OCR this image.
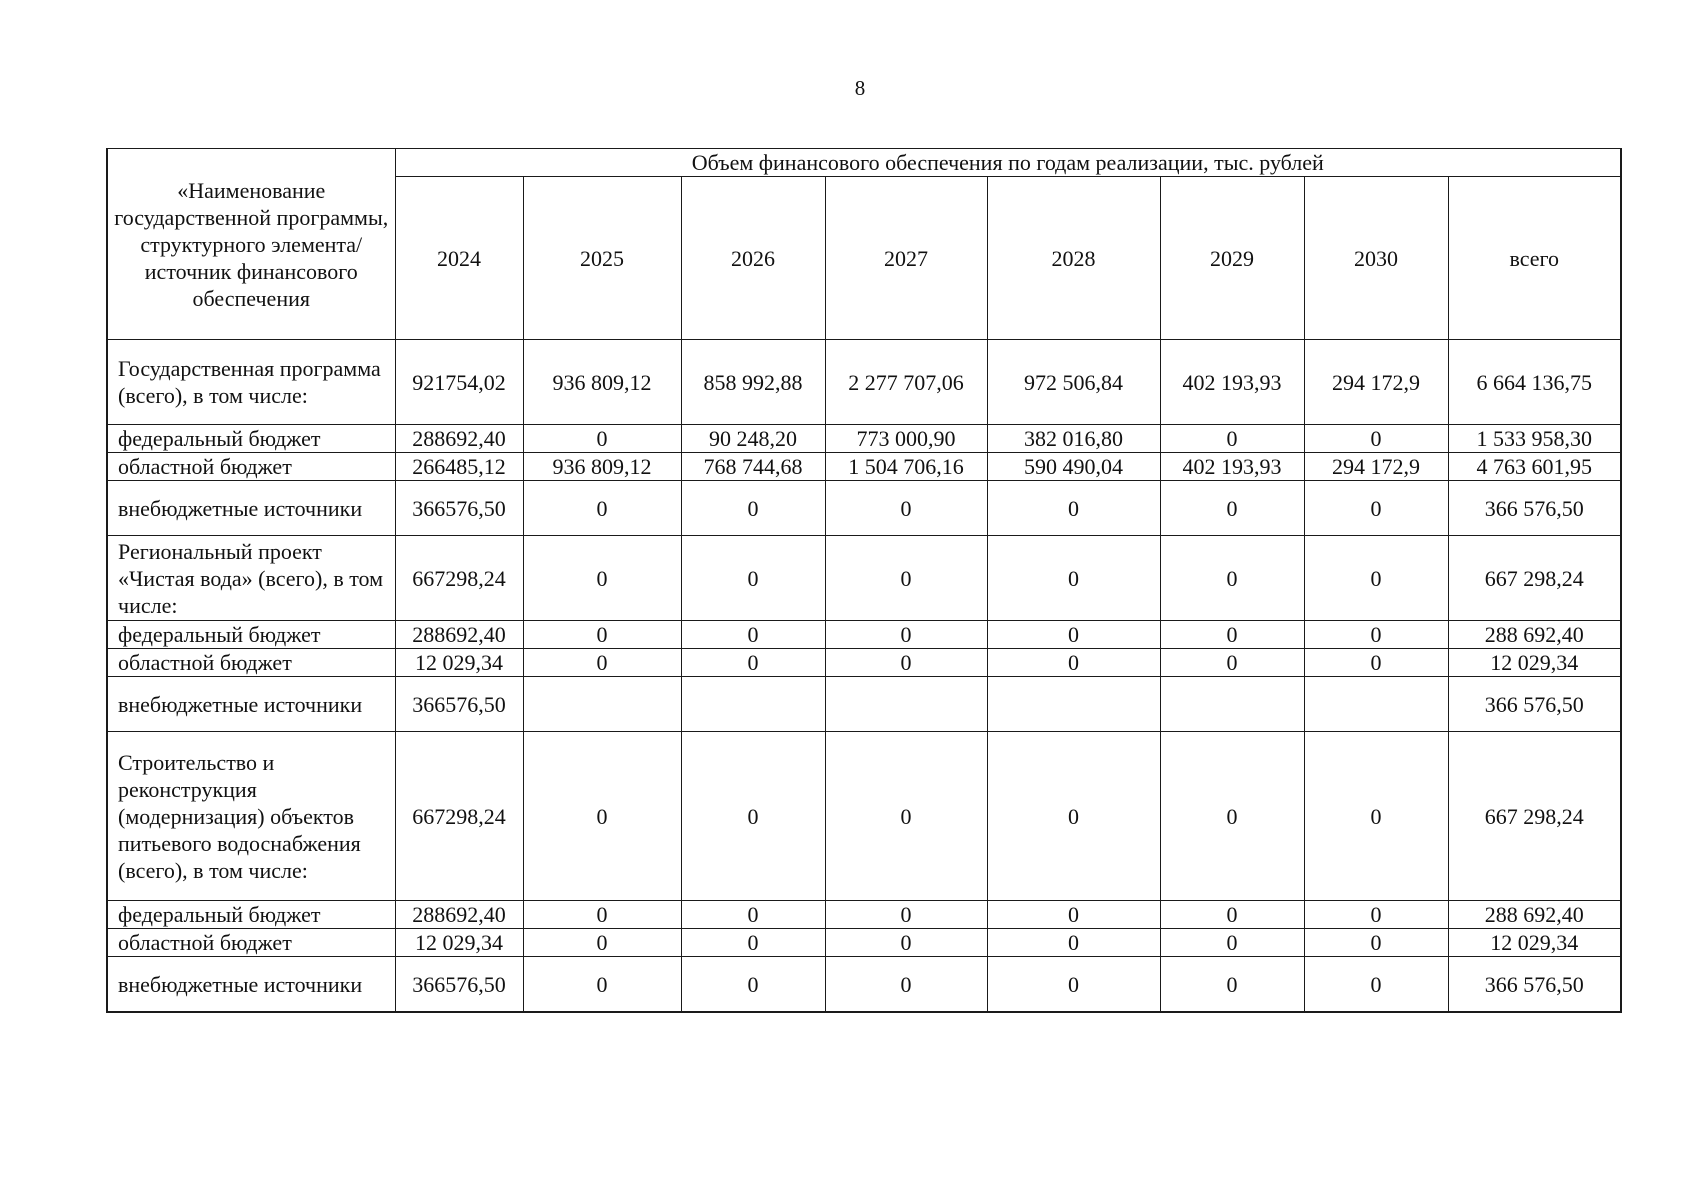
8
«Наименование государственной программы, структурного элемента/источник финансового обеспечения	Объем финансового обеспечения по годам реализации, тыс. рублей							
	2024	2025	2026	2027	2028	2029	2030	всего
Государственная программа (всего), в том числе:	921754,02	936 809,12	858 992,88	2 277 707,06	972 506,84	402 193,93	294 172,9	6 664 136,75
федеральный бюджет	288692,40	0	90 248,20	773 000,90	382 016,80	0	0	1 533 958,30
областной бюджет	266485,12	936 809,12	768 744,68	1 504 706,16	590 490,04	402 193,93	294 172,9	4 763 601,95
внебюджетные источники	366576,50	0	0	0	0	0	0	366 576,50
Региональный проект «Чистая вода» (всего), в том числе:	667298,24	0	0	0	0	0	0	667 298,24
федеральный бюджет	288692,40	0	0	0	0	0	0	288 692,40
областной бюджет	12 029,34	0	0	0	0	0	0	12 029,34
внебюджетные источники	366576,50							366 576,50
Строительство и реконструкция (модернизация) объектов питьевого водоснабжения (всего), в том числе:	667298,24	0	0	0	0	0	0	667 298,24
федеральный бюджет	288692,40	0	0	0	0	0	0	288 692,40
областной бюджет	12 029,34	0	0	0	0	0	0	12 029,34
внебюджетные источники	366576,50	0	0	0	0	0	0	366 576,50
